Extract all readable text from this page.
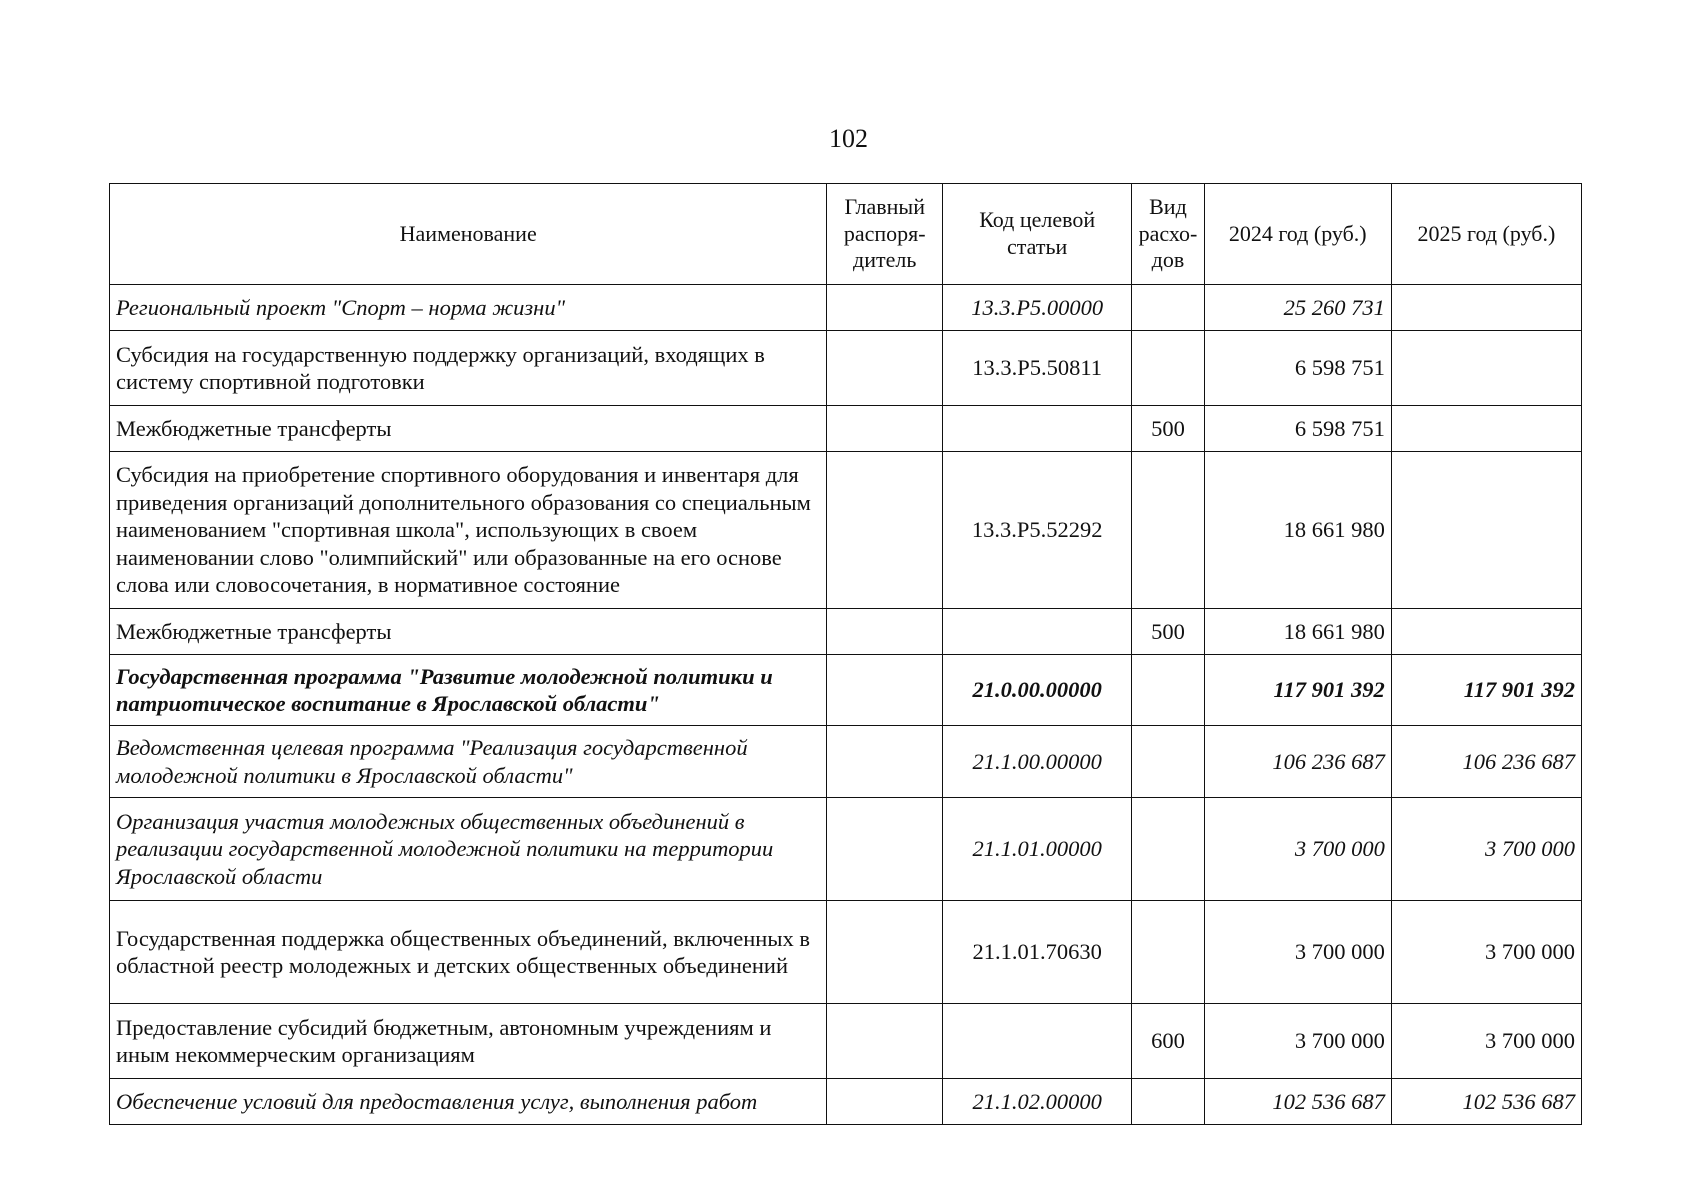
102
Наименование	Главный распоря-дитель	Код целевой статьи	Вид расхо-дов	2024 год (руб.)	2025 год (руб.)
Региональный проект "Спорт – норма жизни"		13.3.P5.00000		25 260 731	
Субсидия на государственную поддержку организаций, входящих в систему спортивной подготовки		13.3.P5.50811		6 598 751	
Межбюджетные трансферты			500	6 598 751	
Субсидия на приобретение спортивного оборудования и инвентаря для приведения организаций дополнительного образования со специальным наименованием "спортивная школа", использующих в своем наименовании слово "олимпийский" или образованные на его основе слова или словосочетания, в нормативное состояние		13.3.P5.52292		18 661 980	
Межбюджетные трансферты			500	18 661 980	
Государственная программа "Развитие молодежной политики и патриотическое воспитание в Ярославской области"		21.0.00.00000		117 901 392	117 901 392
Ведомственная целевая программа "Реализация государственной молодежной политики в Ярославской области"		21.1.00.00000		106 236 687	106 236 687
Организация участия молодежных общественных объединений в реализации государственной молодежной политики на территории Ярославской области		21.1.01.00000		3 700 000	3 700 000
Государственная поддержка общественных объединений, включенных в областной реестр молодежных и детских общественных объединений		21.1.01.70630		3 700 000	3 700 000
Предоставление субсидий бюджетным, автономным учреждениям и иным некоммерческим организациям			600	3 700 000	3 700 000
Обеспечение условий для предоставления услуг, выполнения работ		21.1.02.00000		102 536 687	102 536 687
